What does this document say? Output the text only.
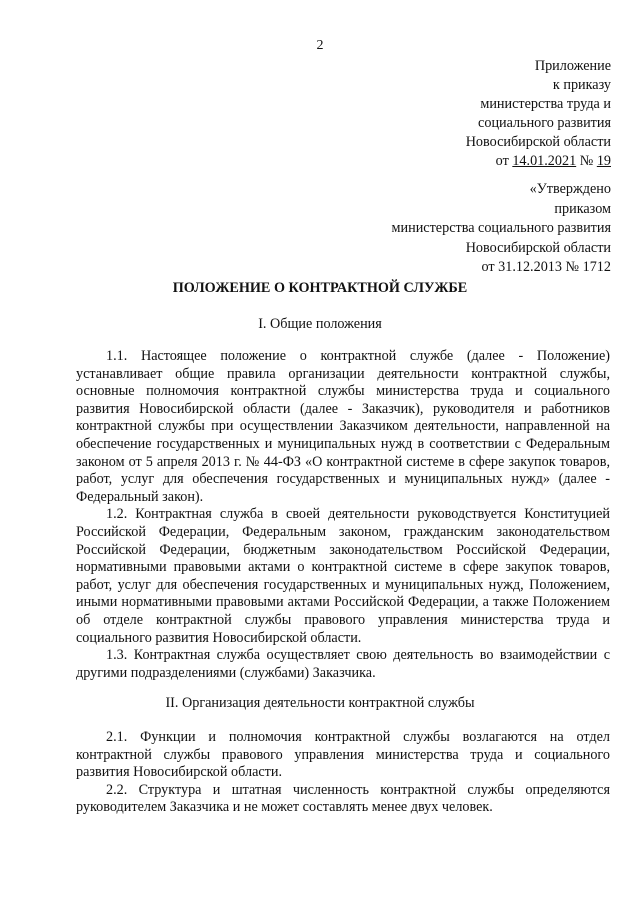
2
Приложение
к приказу
министерства труда и
социального развития
Новосибирской области
от 14.01.2021 № 19
«Утверждено
приказом
министерства социального развития
Новосибирской области
от 31.12.2013 № 1712
ПОЛОЖЕНИЕ О КОНТРАКТНОЙ СЛУЖБЕ
I. Общие положения

1.1. Настоящее положение о контрактной службе (далее - Положение) устанавливает общие правила организации деятельности контрактной службы, основные полномочия контрактной службы министерства труда и социального развития Новосибирской области (далее - Заказчик), руководителя и работников контрактной службы при осуществлении Заказчиком деятельности, направленной на обеспечение государственных и муниципальных нужд в соответствии с Федеральным законом от 5 апреля 2013 г. № 44-ФЗ «О контрактной системе в сфере закупок товаров, работ, услуг для обеспечения государственных и муниципальных нужд» (далее - Федеральный закон).

1.2. Контрактная служба в своей деятельности руководствуется Конституцией Российской Федерации, Федеральным законом, гражданским законодательством Российской Федерации, бюджетным законодательством Российской Федерации, нормативными правовыми актами о контрактной системе в сфере закупок товаров, работ, услуг для обеспечения государственных и муниципальных нужд, Положением, иными нормативными правовыми актами Российской Федерации, а также Положением об отделе контрактной службы правового управления министерства труда и социального развития Новосибирской области.

1.3. Контрактная служба осуществляет свою деятельность во взаимодействии с другими подразделениями (службами) Заказчика.

II. Организация деятельности контрактной службы

2.1. Функции и полномочия контрактной службы возлагаются на отдел контрактной службы правового управления министерства труда и социального развития Новосибирской области.

2.2. Структура и штатная численность контрактной службы определяются руководителем Заказчика и не может составлять менее двух человек.
